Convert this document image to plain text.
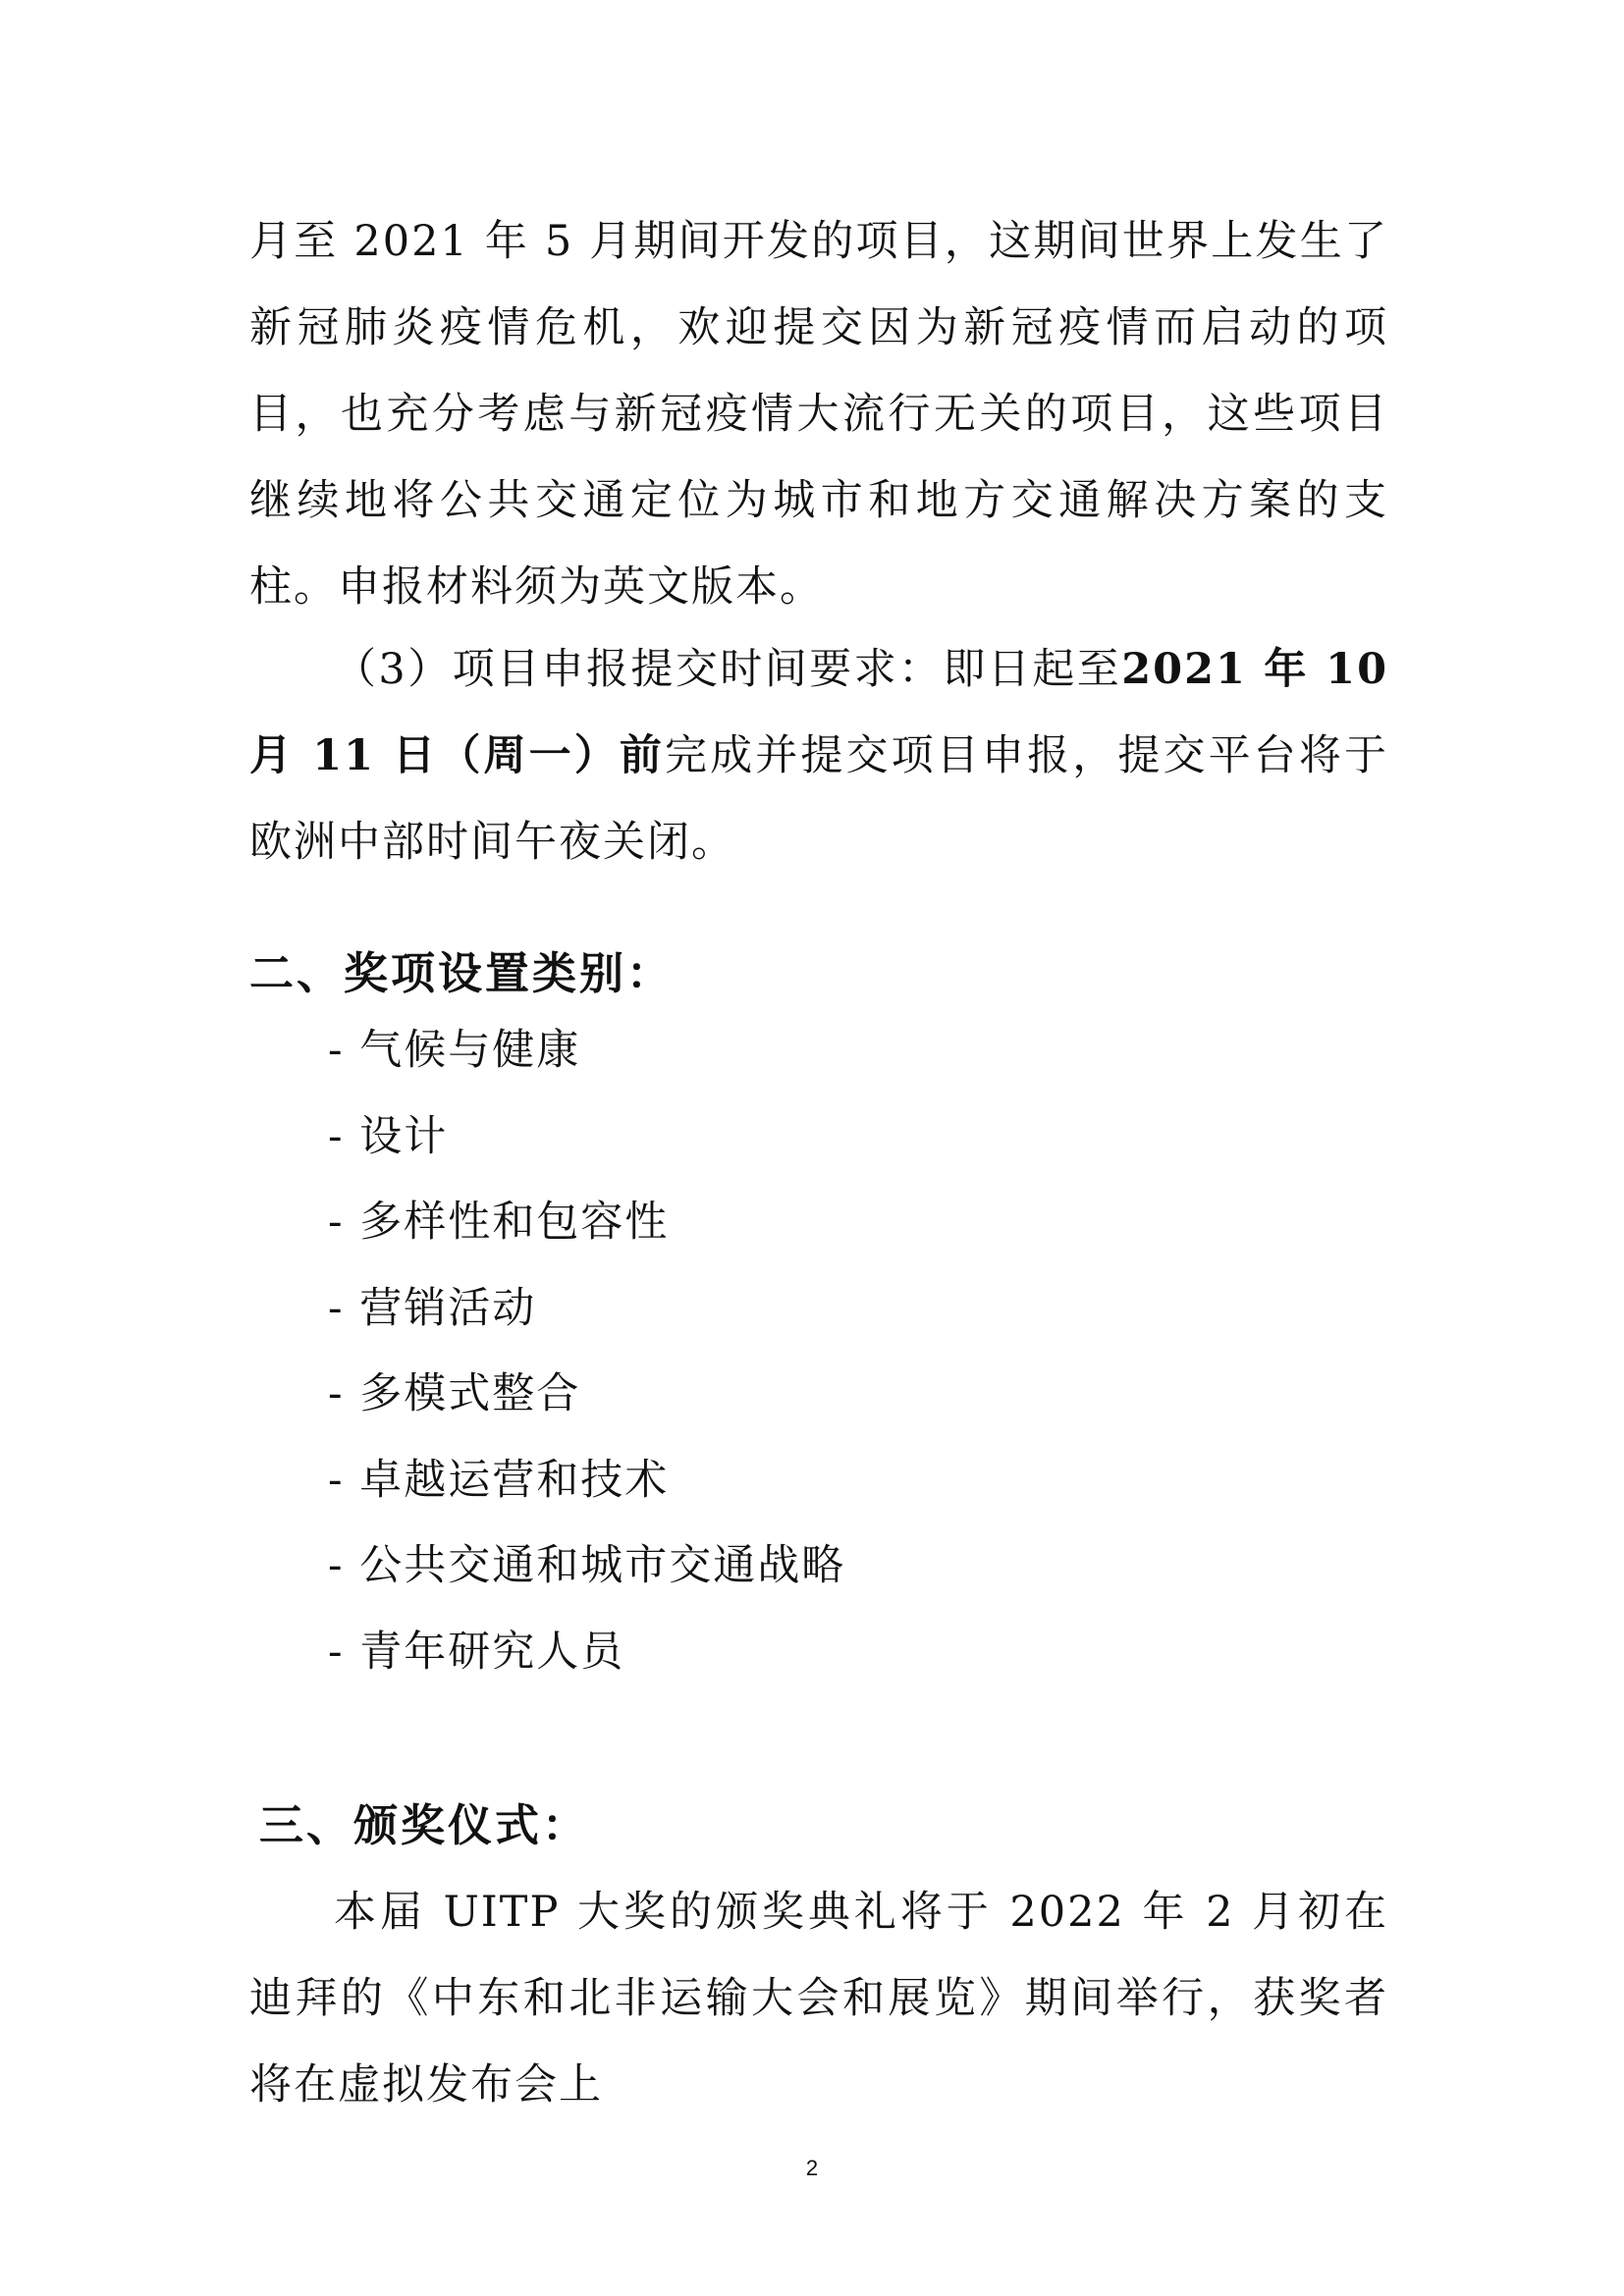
月至 2021 年 5 月期间开发的项目，这期间世界上发生了新冠肺炎疫情危机，欢迎提交因为新冠疫情而启动的项目，也充分考虑与新冠疫情大流行无关的项目，这些项目继续地将公共交通定位为城市和地方交通解决方案的支柱。申报材料须为英文版本。

（3）项目申报提交时间要求：即日起至2021 年 10 月 11 日（周一）前完成并提交项目申报，提交平台将于欧洲中部时间午夜关闭。

二、奖项设置类别：
- 气候与健康
- 设计
- 多样性和包容性
- 营销活动
- 多模式整合
- 卓越运营和技术
- 公共交通和城市交通战略
- 青年研究人员
三、颁奖仪式：

本届 UITP 大奖的颁奖典礼将于 2022 年 2 月初在迪拜的《中东和北非运输大会和展览》期间举行，获奖者将在虚拟发布会上

2
